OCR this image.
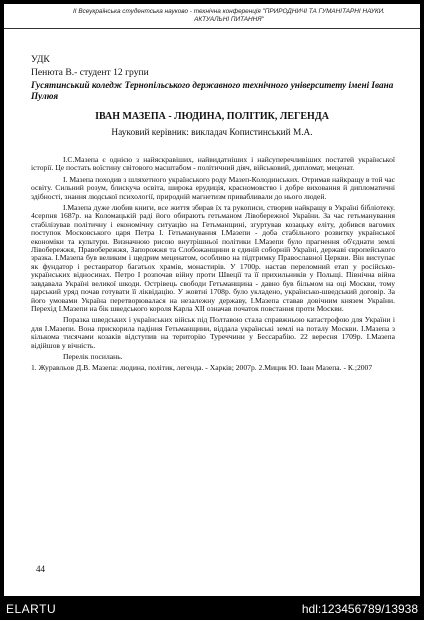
ІІ Всеукраїнська студентська науково - технічна конференція "ПРИРОДНИЧІ ТА ГУМАНІТАРНІ НАУКИ. АКТУАЛЬНІ ПИТАННЯ"
УДК
Пенюта В.- студент 12 групи
Гусятинський коледж Тернопільського державного технічного університету імені Івана Пулюя
ІВАН МАЗЕПА - ЛЮДИНА, ПОЛІТИК, ЛЕГЕНДА
Науковий керівник: викладач Копистинський М.А.

І.С.Мазепа є однією з найяскравіших, найвидатніших і найсуперечливіших постатей української історії. Це постать воїстину світового масштабом - політичний діяч, військовий, дипломат, меценат.

І. Мазепа походив з шляхетного українського роду Мазеп-Колодинських. Отримав найкращу в той час освіту. Сильний розум, блискуча освіта, широка ерудиція, красномовство і добре виховання й дипломатичні здібності, знання людської психології, природній магнетизм привабливали до нього людей.

І.Мазепа дуже любив книги, все життя збирав їх та рукописи, створив найкращу в Україні бібліотеку. 4серпня 1687р. на Коломацькій раді його обирають гетьманом Лівобережної України. За час гетьманування стабілізував політичну і економічну ситуацію на Гетьманщині, згуртував козацьку еліту, добився вагомих поступок Московського царя Петра І. Гетьманування І.Мазепи - доба стабільного розвитку української економіки та культури. Визначною рисою внутрішньої політики І.Мазепи було прагнення об'єднати землі Лівобережжя, Правобережжя, Запорожжя та Слобожанщини в єдиній соборній Україні, державі європейського зразка. І.Мазепа був великим і щедрим меценатом, особливо на підтримку Православної Церкви. Він виступає як фундатор і реставратор багатьох храмів, монастирів. У 1700р. настав переломний етап у російсько-українських відносинах. Петро І розпочав війну проти Швеції та її прихильників у Польщі. Північна війна завдавала Україні великої шкоди. Острівець свободи Гетьманщина - давно був більмом на оці Москви, тому царський уряд почав готувати її ліквідацію. У жовтні 1708р. було укладено, українсько-шведський договір. За його умовами Україна перетворювалася на незалежну державу, І.Мазепа ставав довічним князем України. Перехід І.Мазепи на бік шведського короля Карла ХІІ означав початок повстання проти Москви.

Поразка шведських і українських військ під Полтавою стала справжньою катастрофою для України і для І.Мазепи. Вона прискорила падіння Гетьманщини, віддала українські землі на поталу Москви. І.Мазепа з кількома тисячами козаків відступив на територію Туреччини у Бессарабію. 22 вересня 1709р. І.Мазепа відійшов у вічність.

Перелік посилань.

1. Журавльов Д.В. Мазепа: людина, політик, легенда. - Харків; 2007р. 2.Мицик Ю. Іван Мазепа. - К.;2007

44
ELARTU	hdl:123456789/13938
